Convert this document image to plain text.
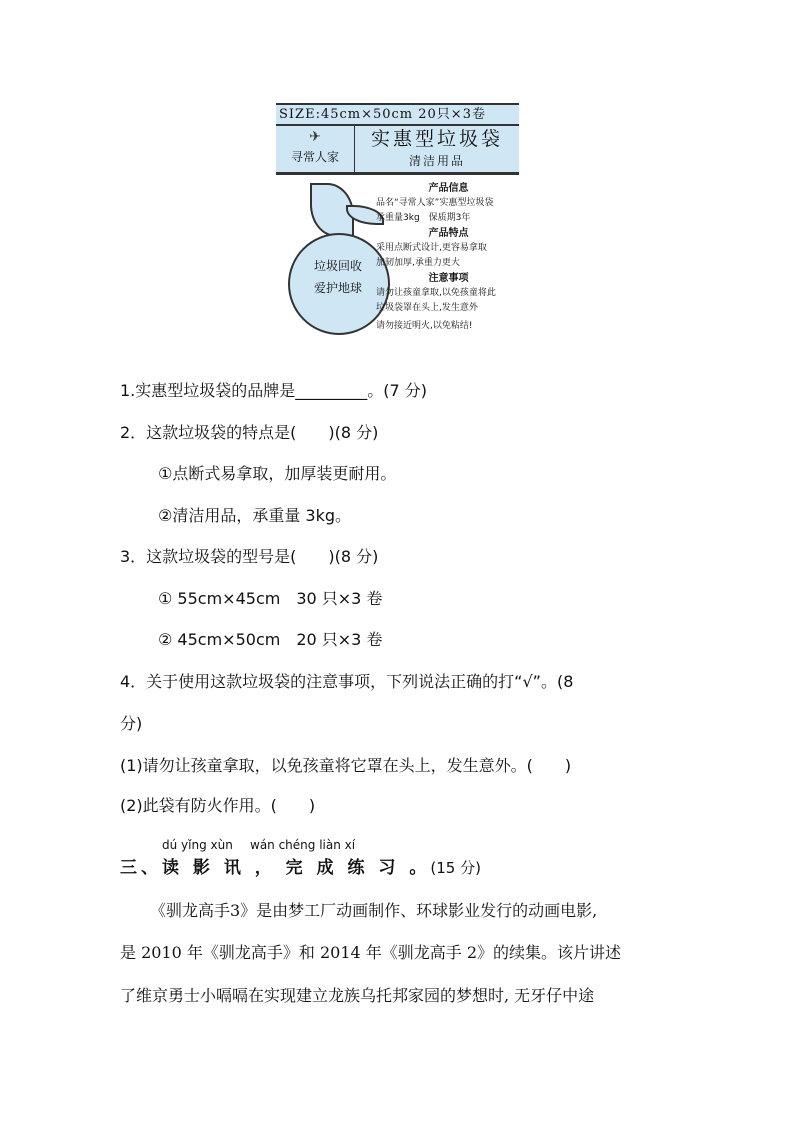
SIZE:45cm×50cm 20只×3卷
✈
寻常人家
实惠型垃圾袋
清洁用品
垃圾回收
爱护地球
产品信息
品名“寻常人家”实惠型垃圾袋
承重量3kg　保质期3年
产品特点
采用点断式设计,更容易拿取
加韧加厚,承重力更大
注意事项
请勿让孩童拿取,以免孩童将此
垃圾袋罩在头上,发生意外
请勿接近明火,以免粘结!
1.实惠型垃圾袋的品牌是_________。(7 分)
2．这款垃圾袋的特点是(　　)(8 分)
①点断式易拿取，加厚装更耐用。
②清洁用品，承重量 3kg。
3．这款垃圾袋的型号是(　　)(8 分)
① 55cm×45cm　30 只×3 卷
② 45cm×50cm　20 只×3 卷
4．关于使用这款垃圾袋的注意事项，下列说法正确的打“√”。(8
分)
(1)请勿让孩童拿取，以免孩童将它罩在头上，发生意外。(　　)
(2)此袋有防火作用。(　　)
dú yǐng xùn wán chéng liàn xí
三、读 影 讯 ， 完 成 练 习 。(15 分)
《驯龙高手3》是由梦工厂动画制作、环球影业发行的动画电影,
是 2010 年《驯龙高手》和 2014 年《驯龙高手 2》的续集。该片讲述
了维京勇士小嗝嗝在实现建立龙族乌托邦家园的梦想时, 无牙仔中途
